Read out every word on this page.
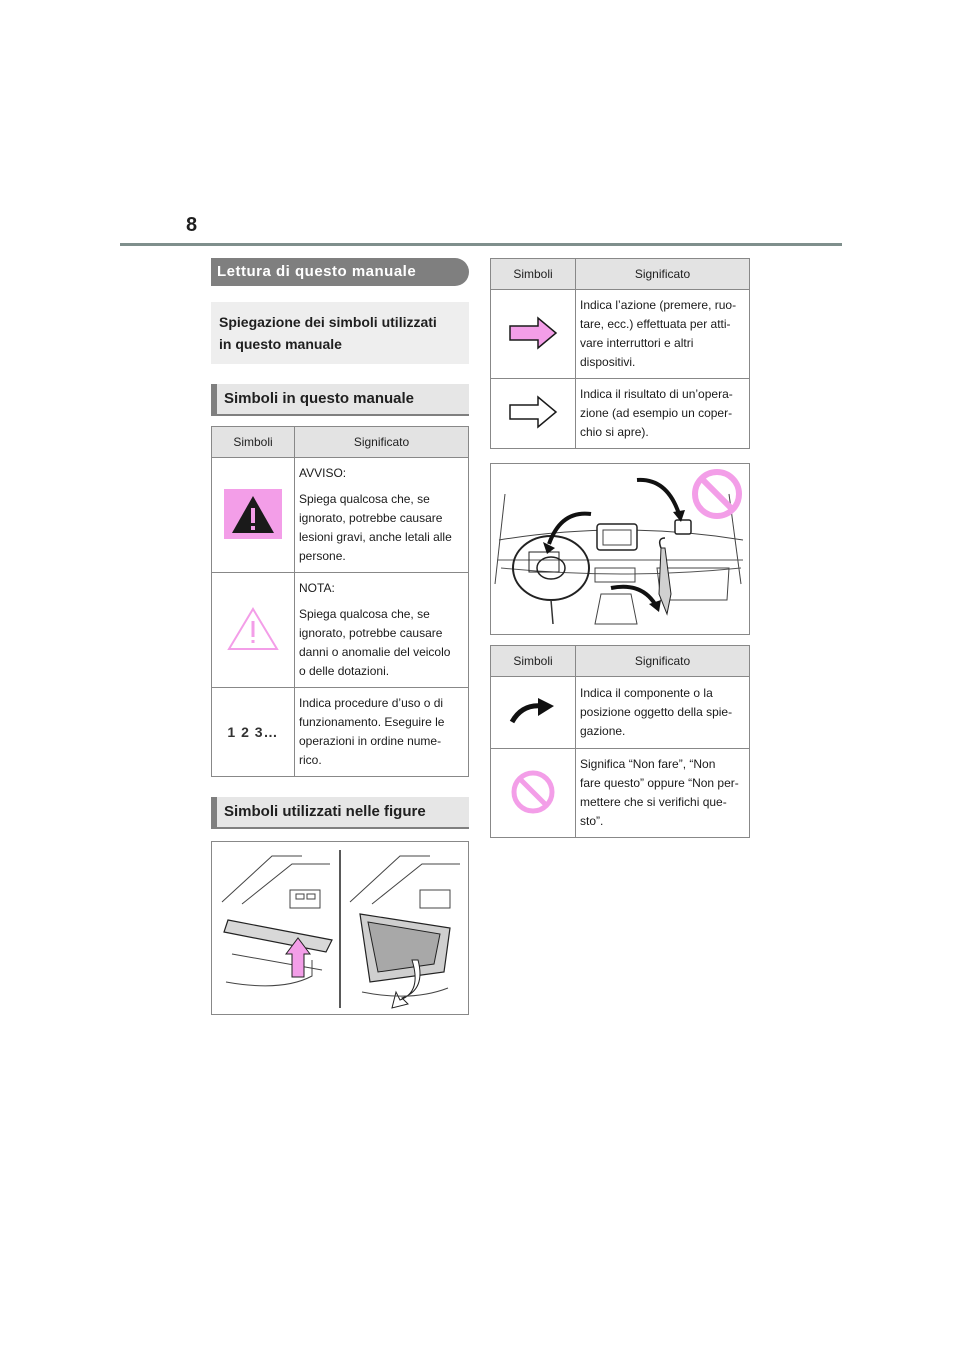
8
Lettura di questo manuale
Spiegazione dei simboli utilizzati
in questo manuale
Simboli in questo manuale
Simboli	Significato

AVVISO:
Spiega qualcosa che, se
ignorato, potrebbe causare
lesioni gravi, anche letali alle
persone.

NOTA:
Spiega qualcosa che, se
ignorato, potrebbe causare
danni o anomalie del veicolo
o delle dotazioni.

1 2 3…	Indica procedure d’uso o di
funzionamento. Eseguire le
operazioni in ordine nume-
rico.
Simboli utilizzati nelle figure
Simboli	Significato

Indica l’azione (premere, ruo-
tare, ecc.) effettuata per atti-
vare interruttori e altri
dispositivi.

Indica il risultato di un’opera-
zione (ad esempio un coper-
chio si apre).
Simboli	Significato

Indica il componente o la
posizione oggetto della spie-
gazione.

Significa “Non fare”, “Non
fare questo” oppure “Non per-
mettere che si verifichi que-
sto”.
